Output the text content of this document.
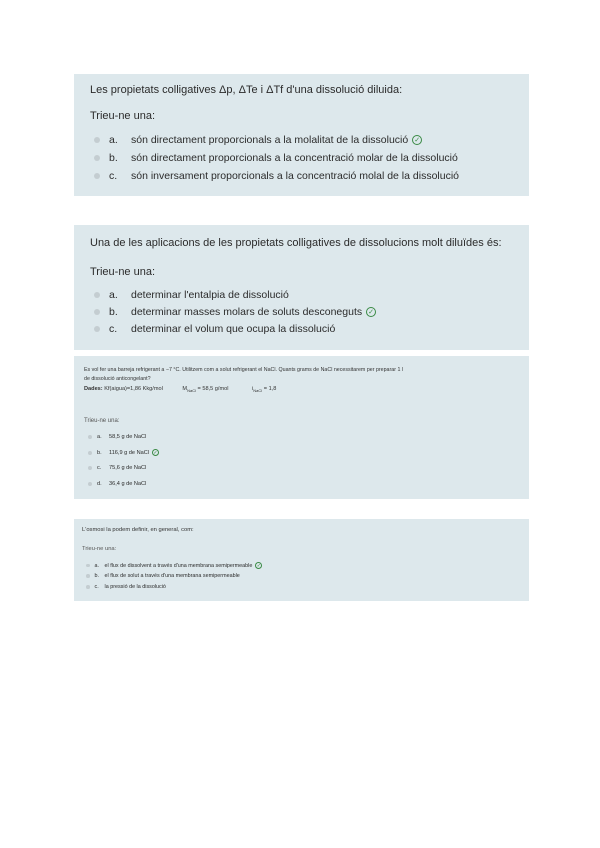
Les propietats colligatives Δp, ΔTe i ΔTf d'una dissolució diluida:
Trieu-ne una:
a.	són directament proporcionals a la molalitat de la dissolució ✓
b.	són directament proporcionals a la concentració molar de la dissolució
c.	són inversament proporcionals a la concentració molal de la dissolució
Una de les aplicacions de les propietats colligatives de dissolucions molt diluïdes és:
Trieu-ne una:
a.	determinar l'entalpia de dissolució
b.	determinar masses molars de soluts desconeguts ✓
c.	determinar el volum que ocupa la dissolució
Es vol fer una barreja refrigerant a −7 °C. Utilitzem com a solut refrigerant el NaCl. Quants grams de NaCl necessitarem per preparar 1 l
de dissolució anticongelant?
Dades: Kf(aigua)=1,86 Kkg/mol	$M_{NaCl} = 58,5$ g/mol	$i_{NaCl} = 1,8$
Trieu-ne una:
a.	58,5 g de NaCl
b.	116,9 g de NaCl ✓
c.	75,6 g de NaCl
d.	36,4 g de NaCl
L'osmosi la podem definir, en general, com:
Trieu-ne una:
a.	el flux de dissolvent a través d'una membrana semipermeable ✓
b.	el flux de solut a través d'una membrana semipermeable
c.	la pressió de la dissolució
